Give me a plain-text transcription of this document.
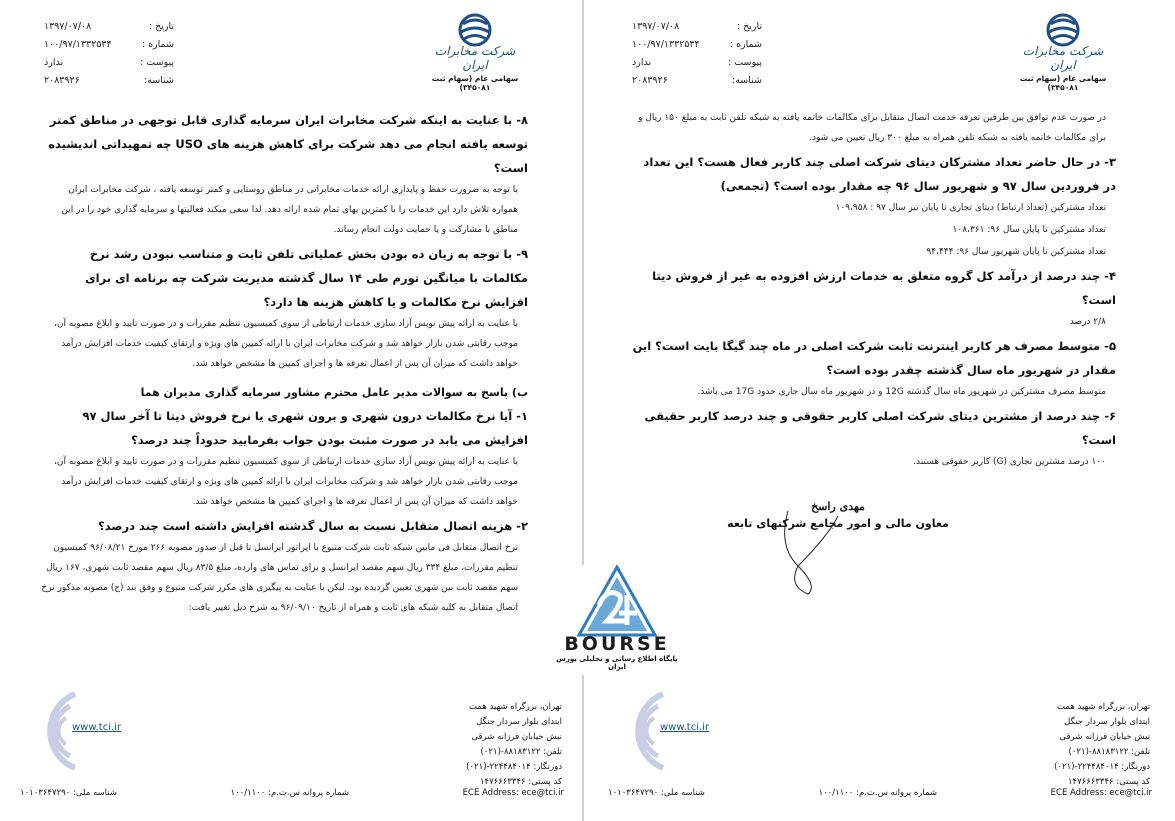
تاریخ :
۱۳۹۷/۰۷/۰۸
شماره :
۱۰۰/۹۷/۱۳۳۲۵۳۴
پیوست :
ندارد
شناسه:
۲۰۸۳۹۲۶
شرکت مخابرات ایران
سهامی عام (سهام ثبت ۳۴۵۰۸۱)

۸- با عنایت به اینکه شرکت مخابرات ایران سرمایه گذاری قابل توجهی در مناطق کمتر توسعه یافته انجام می دهد شرکت برای کاهش هزینه های USO چه تمهیداتی اندیشیده است؟

با توجه به ضرورت حفظ و پایداری ارائه خدمات مخابراتی در مناطق روستایی و کمتر توسعه یافته ، شرکت مخابرات ایران همواره تلاش دارد این خدمات را با کمترین بهای تمام شده ارائه دهد. لذا سعی میکند فعالیتها و سرمایه گذاری خود را در این مناطق با مشارکت و یا حمایت دولت انجام رساند.

۹- با توجه به زیان ده بودن بخش عملیاتی تلفن ثابت و متناسب نبودن رشد نرخ مکالمات با میانگین تورم طی ۱۴ سال گذشته مدیریت شرکت چه برنامه ای برای افزایش نرخ مکالمات و یا کاهش هزینه ها دارد؟

با عنایت به ارائه پیش نویس آزاد سازی خدمات ارتباطی از سوی کمیسیون تنظیم مقررات و در صورت تایید و ابلاغ مصوبه آن، موجب رقابتی شدن بازار خواهد شد و شرکت مخابرات ایران با ارائه کمپین های ویژه و ارتقای کیفیت خدمات افزایش درآمد خواهد داشت که میزان آن پس از اعمال تعرفه ها و اجرای کمپین ها مشخص خواهد شد.

ب) پاسخ به سوالات مدیر عامل محترم مشاور سرمایه گذاری مدیران هما

۱- آیا نرخ مکالمات درون شهری و برون شهری یا نرخ فروش دیتا تا آخر سال ۹۷ افزایش می یابد در صورت مثبت بودن جواب بفرمایید حدوداً چند درصد؟

با عنایت به ارائه پیش نویس آزاد سازی خدمات ارتباطی از سوی کمیسیون تنظیم مقررات و در صورت تایید و ابلاغ مصوبه آن، موجب رقابتی شدن بازار خواهد شد و شرکت مخابرات ایران با ارائه کمپین های ویژه و ارتقای کیفیت خدمات افزایش درآمد خواهد داشت که میزان آن پس از اعمال تعرفه ها و اجرای کمپین ها مشخص خواهد شد.

۲- هزینه اتصال متقابل نسبت به سال گذشته افزایش داشته است چند درصد؟

نرخ اتصال متقابل فی مابین شبکه ثابت شرکت متبوع با اپراتور ایرانسل تا قبل از صدور مصوبه ۲۶۶ مورخ ۹۶/۰۸/۲۱ کمیسیون تنظیم مقررات، مبلغ ۳۳۴ ریال سهم مقصد ایرانسل و برای تماس های وارده، مبلغ ۸۳/۵ ریال سهم مقصد ثابت شهری، ۱۶۷ ریال سهم مقصد ثابت بین شهری تعیین گردیده بود. لیکن با عنایت به پیگیری های مکرر شرکت متبوع و وفق بند (ج) مصوبه مذکور نرخ اتصال متقابل به کلیه شبکه های ثابت و همراه از تاریخ ۹۶/۰۹/۱۰ به شرح ذیل تغییر یافت:

www.tci.ir
تهران، بزرگراه شهید همت
ابتدای بلوار سردار جنگل
نبش خیابان فرزانه شرقی
تلفن: ۸۸۱۸۳۱۲۲-(۰۲۱)
دورنگار: ۲۲۴۴۸۴۰۱۴-(۰۲۱)
کد پستی: ۱۴۷۶۶۶۳۳۴۶
ECE Address: ece@tci.ir
شماره پروانه س.ت.م: ۱۰۰/۱۱۰۰
شناسه ملی: ۱۰۱۰۳۶۴۷۲۹۰
تاریخ :
۱۳۹۷/۰۷/۰۸
شماره :
۱۰۰/۹۷/۱۳۳۲۵۳۴
پیوست :
ندارد
شناسه:
۲۰۸۳۹۲۶
شرکت مخابرات ایران
سهامی عام (سهام ثبت ۳۴۵۰۸۱)

در صورت عدم توافق بین طرفین تعرفه خدمت اتصال متقابل برای مکالمات خاتمه یافته به شبکه تلفن ثابت به مبلغ ۱۵۰ ریال و برای مکالمات خاتمه یافته به شبکه تلفن همراه به مبلغ ۳۰۰ ریال تعیین می شود.

۳- در حال حاضر تعداد مشترکان دیتای شرکت اصلی چند کاربر فعال هست؟ این تعداد در فروردین سال ۹۷ و شهریور سال ۹۶ چه مقدار بوده است؟ (تجمعی)

تعداد مشترکین (تعداد ارتباط) دیتای تجاری تا پایان تیر سال ۹۷ : ۱۰۹،۹۵۸

تعداد مشترکین تا پایان سال ۹۶: ۱۰۸،۳۶۱

تعداد مشترکین تا پایان شهریور سال ۹۶: ۹۴،۴۴۴

۴- چند درصد از درآمد کل گروه متعلق به خدمات ارزش افزوده به غیر از فروش دیتا است؟

۲/۸ درصد

۵- متوسط مصرف هر کاربر اینترنت ثابت شرکت اصلی در ماه چند گیگا بایت است؟ این مقدار در شهریور ماه سال گذشته چقدر بوده است؟

متوسط مصرف مشترکین در شهریور ماه سال گذشته 12G و در شهریور ماه سال جاری حدود 17G می باشد.

۶- چند درصد از مشترین دیتای شرکت اصلی کاربر حقوقی و چند درصد کاربر حقیقی است؟

۱۰۰ درصد مشترین تجاری (G) کاربر حقوقی هستند.

مهدی راسخ
معاون مالی و امور مجامع شرکتهای تابعه
www.tci.ir
تهران، بزرگراه شهید همت
ابتدای بلوار سردار جنگل
نبش خیابان فرزانه شرقی
تلفن: ۸۸۱۸۳۱۲۲-(۰۲۱)
دورنگار: ۲۲۴۴۸۴۰۱۴-(۰۲۱)
کد پستی: ۱۴۷۶۶۶۳۳۴۶
ECE Address: ece@tci.ir
شماره پروانه س.ت.م: ۱۰۰/۱۱۰۰
شناسه ملی: ۱۰۱۰۳۶۴۷۲۹۰
BOURSE
پایگاه اطلاع رسانی و تحلیلی بورس ایران
